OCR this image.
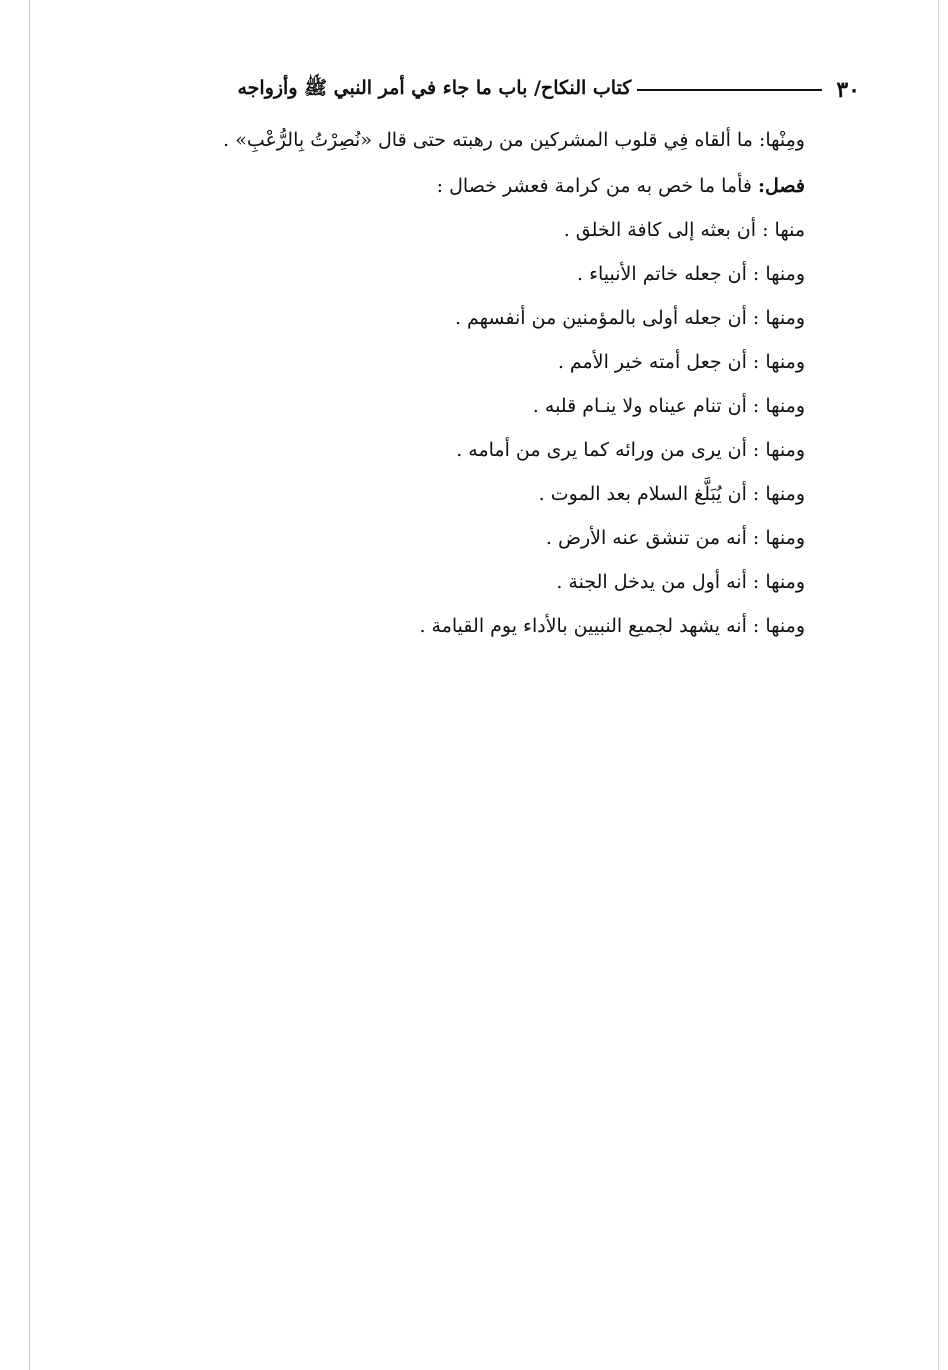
٣٠
كتاب النكاح/ باب ما جاء في أمر النبي ﷺ وأزواجه
ومِنْها: ما ألقاه فِي قلوب المشركين من رهبته حتى قال «نُصِرْتُ بِالرُّعْبِ» .
فصل: فأما ما خص به من كرامة فعشر خصال :
منها : أن بعثه إلى كافة الخلق .
ومنها : أن جعله خاتم الأنبياء .
ومنها : أن جعله أولى بالمؤمنين من أنفسهم .
ومنها : أن جعل أمته خير الأمم .
ومنها : أن تنام عيناه ولا ينـام قلبه .
ومنها : أن يرى من ورائه كما يرى من أمامه .
ومنها : أن يُبَلَّغ السلام بعد الموت .
ومنها : أنه من تنشق عنه الأرض .
ومنها : أنه أول من يدخل الجنة .
ومنها : أنه يشهد لجميع النبيين بالأداء يوم القيامة .
